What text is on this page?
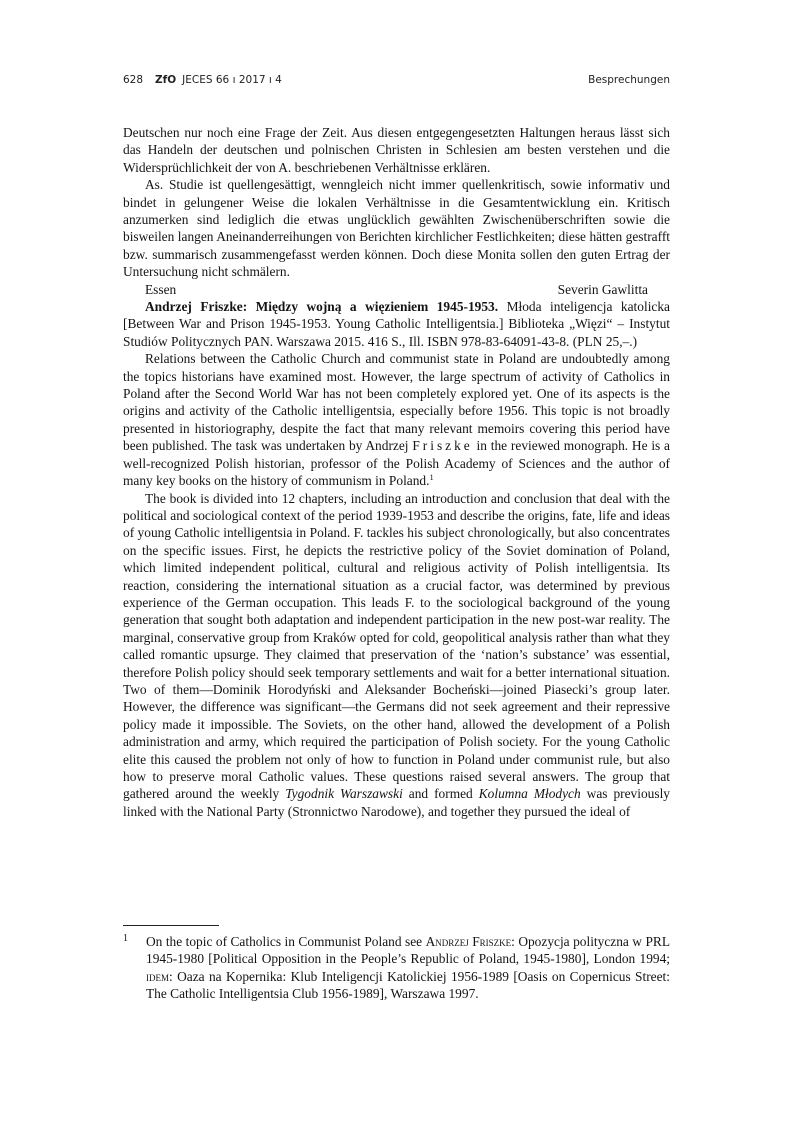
628 ZfO JECES 66 ı 2017 ı 4	Besprechungen

Deutschen nur noch eine Frage der Zeit. Aus diesen entgegengesetzten Haltungen heraus lässt sich das Handeln der deutschen und polnischen Christen in Schlesien am besten verstehen und die Widersprüchlichkeit der von A. beschriebenen Verhältnisse erklären.

As. Studie ist quellengesättigt, wenngleich nicht immer quellenkritisch, sowie informativ und bindet in gelungener Weise die lokalen Verhältnisse in die Gesamtentwicklung ein. Kritisch anzumerken sind lediglich die etwas unglücklich gewählten Zwischenüberschriften sowie die bisweilen langen Aneinanderreihungen von Berichten kirchlicher Festlichkeiten; diese hätten gestrafft bzw. summarisch zusammengefasst werden können. Doch diese Monita sollen den guten Ertrag der Untersuchung nicht schmälern.

Essen	Severin Gawlitta

Andrzej Friszke: Między wojną a więzieniem 1945-1953. Młoda inteligencja katolicka [Between War and Prison 1945-1953. Young Catholic Intelligentsia.] Biblioteka „Więzi“ – Instytut Studiów Politycznych PAN. Warszawa 2015. 416 S., Ill. ISBN 978-83-64091-43-8. (PLN 25,–.)

Relations between the Catholic Church and communist state in Poland are undoubtedly among the topics historians have examined most. However, the large spectrum of activity of Catholics in Poland after the Second World War has not been completely explored yet. One of its aspects is the origins and activity of the Catholic intelligentsia, especially before 1956. This topic is not broadly presented in historiography, despite the fact that many relevant memoirs covering this period have been published. The task was undertaken by Andrzej Friszke in the reviewed monograph. He is a well-recognized Polish historian, professor of the Polish Academy of Sciences and the author of many key books on the history of communism in Poland.$^1$

The book is divided into 12 chapters, including an introduction and conclusion that deal with the political and sociological context of the period 1939-1953 and describe the origins, fate, life and ideas of young Catholic intelligentsia in Poland. F. tackles his subject chronologically, but also concentrates on the specific issues. First, he depicts the restrictive policy of the Soviet domination of Poland, which limited independent political, cultural and religious activity of Polish intelligentsia. Its reaction, considering the international situation as a crucial factor, was determined by previous experience of the German occupation. This leads F. to the sociological background of the young generation that sought both adaptation and independent participation in the new post-war reality. The marginal, conservative group from Kraków opted for cold, geopolitical analysis rather than what they called romantic upsurge. They claimed that preservation of the ‘nation’s substance’ was essential, therefore Polish policy should seek temporary settlements and wait for a better international situation. Two of them—Dominik Horodyński and Aleksander Bocheński—joined Piasecki’s group later. However, the difference was significant—the Germans did not seek agreement and their repressive policy made it impossible. The Soviets, on the other hand, allowed the development of a Polish administration and army, which required the participation of Polish society. For the young Catholic elite this caused the problem not only of how to function in Poland under communist rule, but also how to preserve moral Catholic values. These questions raised several answers. The group that gathered around the weekly Tygodnik Warszawski and formed Kolumna Młodych was previously linked with the National Party (Stronnictwo Narodowe), and together they pursued the ideal of

1 On the topic of Catholics in Communist Poland see Andrzej Friszke: Opozycja polityczna w PRL 1945-1980 [Political Opposition in the People’s Republic of Poland, 1945-1980], London 1994; idem: Oaza na Kopernika: Klub Inteligencji Katolickiej 1956-1989 [Oasis on Copernicus Street: The Catholic Intelligentsia Club 1956-1989], Warszawa 1997.
